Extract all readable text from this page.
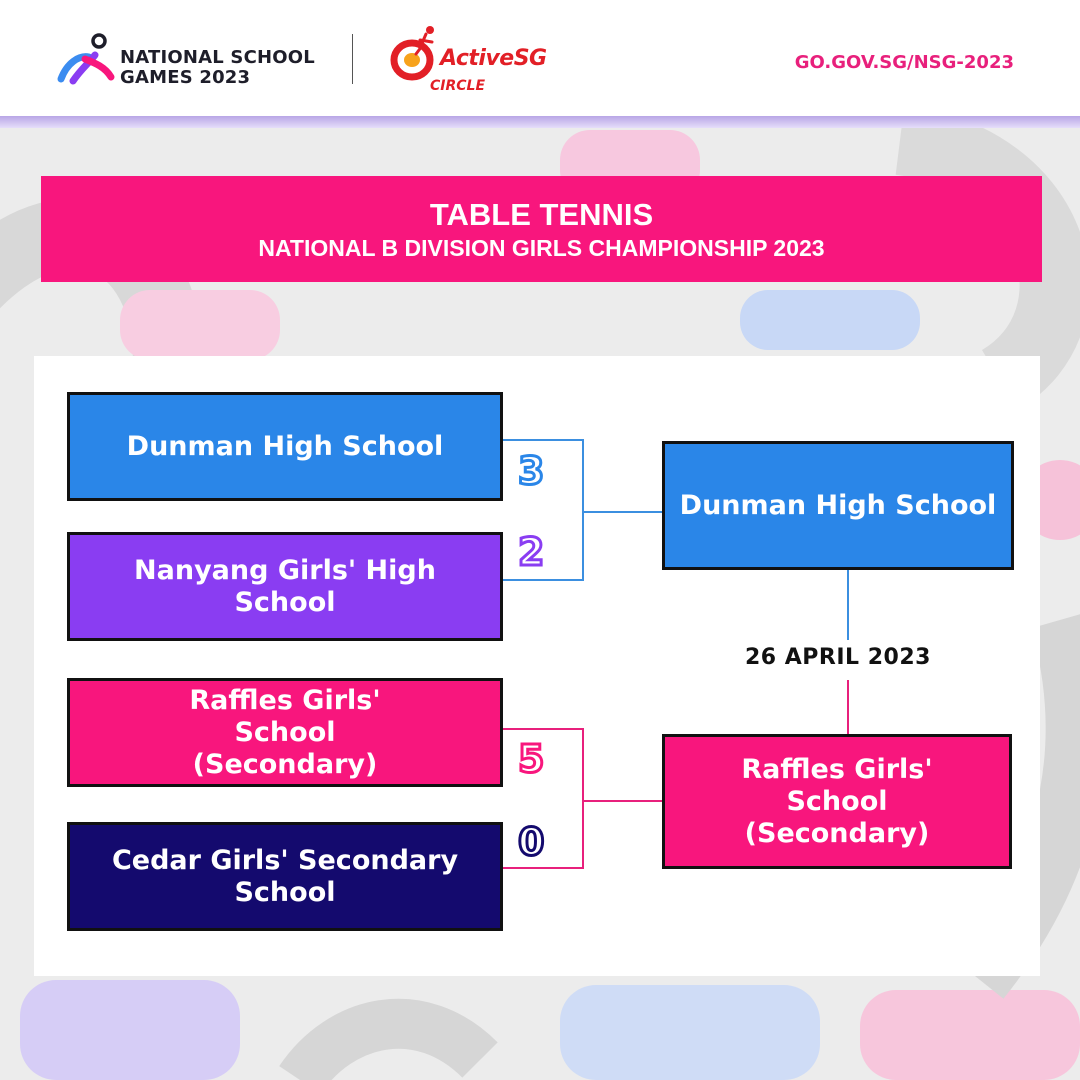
NATIONAL SCHOOL
GAMES 2023
ActiveSG
CIRCLE
GO.GOV.SG/NSG-2023
TABLE TENNIS
NATIONAL B DIVISION GIRLS CHAMPIONSHIP 2023
Dunman High School
Nanyang Girls' High School
Raffles Girls' School (Secondary)
Cedar Girls' Secondary School
Dunman High School
Raffles Girls' School (Secondary)
3
2
5
0
26 APRIL 2023
